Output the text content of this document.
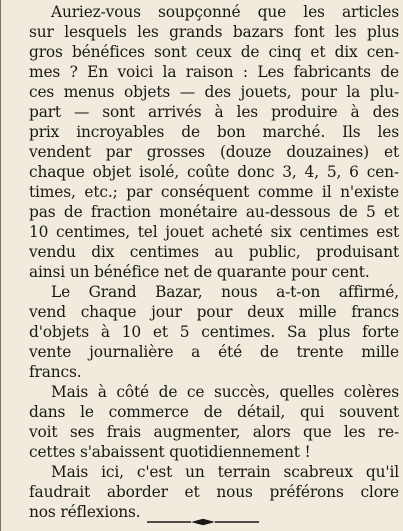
Auriez-vous soupçonné que les articles
sur lesquels les grands bazars font les plus
gros bénéfices sont ceux de cinq et dix cen-
mes ? En voici la raison : Les fabricants de
ces menus objets — des jouets, pour la plu-
part — sont arrivés à les produire à des
prix incroyables de bon marché. Ils les
vendent par grosses (douze douzaines) et
chaque objet isolé, coûte donc 3, 4, 5, 6 cen-
times, etc.; par conséquent comme il n'existe
pas de fraction monétaire au-dessous de 5 et
10 centimes, tel jouet acheté six centimes est
vendu dix centimes au public, produisant
ainsi un bénéfice net de quarante pour cent.
Le Grand Bazar, nous a-t-on affirmé,
vend chaque jour pour deux mille francs
d'objets à 10 et 5 centimes. Sa plus forte
vente journalière a été de trente mille
francs.
Mais à côté de ce succès, quelles colères
dans le commerce de détail, qui souvent
voit ses frais augmenter, alors que les re-
cettes s'abaissent quotidiennement !
Mais ici, c'est un terrain scabreux qu'il
faudrait aborder et nous préférons clore
nos réflexions.
